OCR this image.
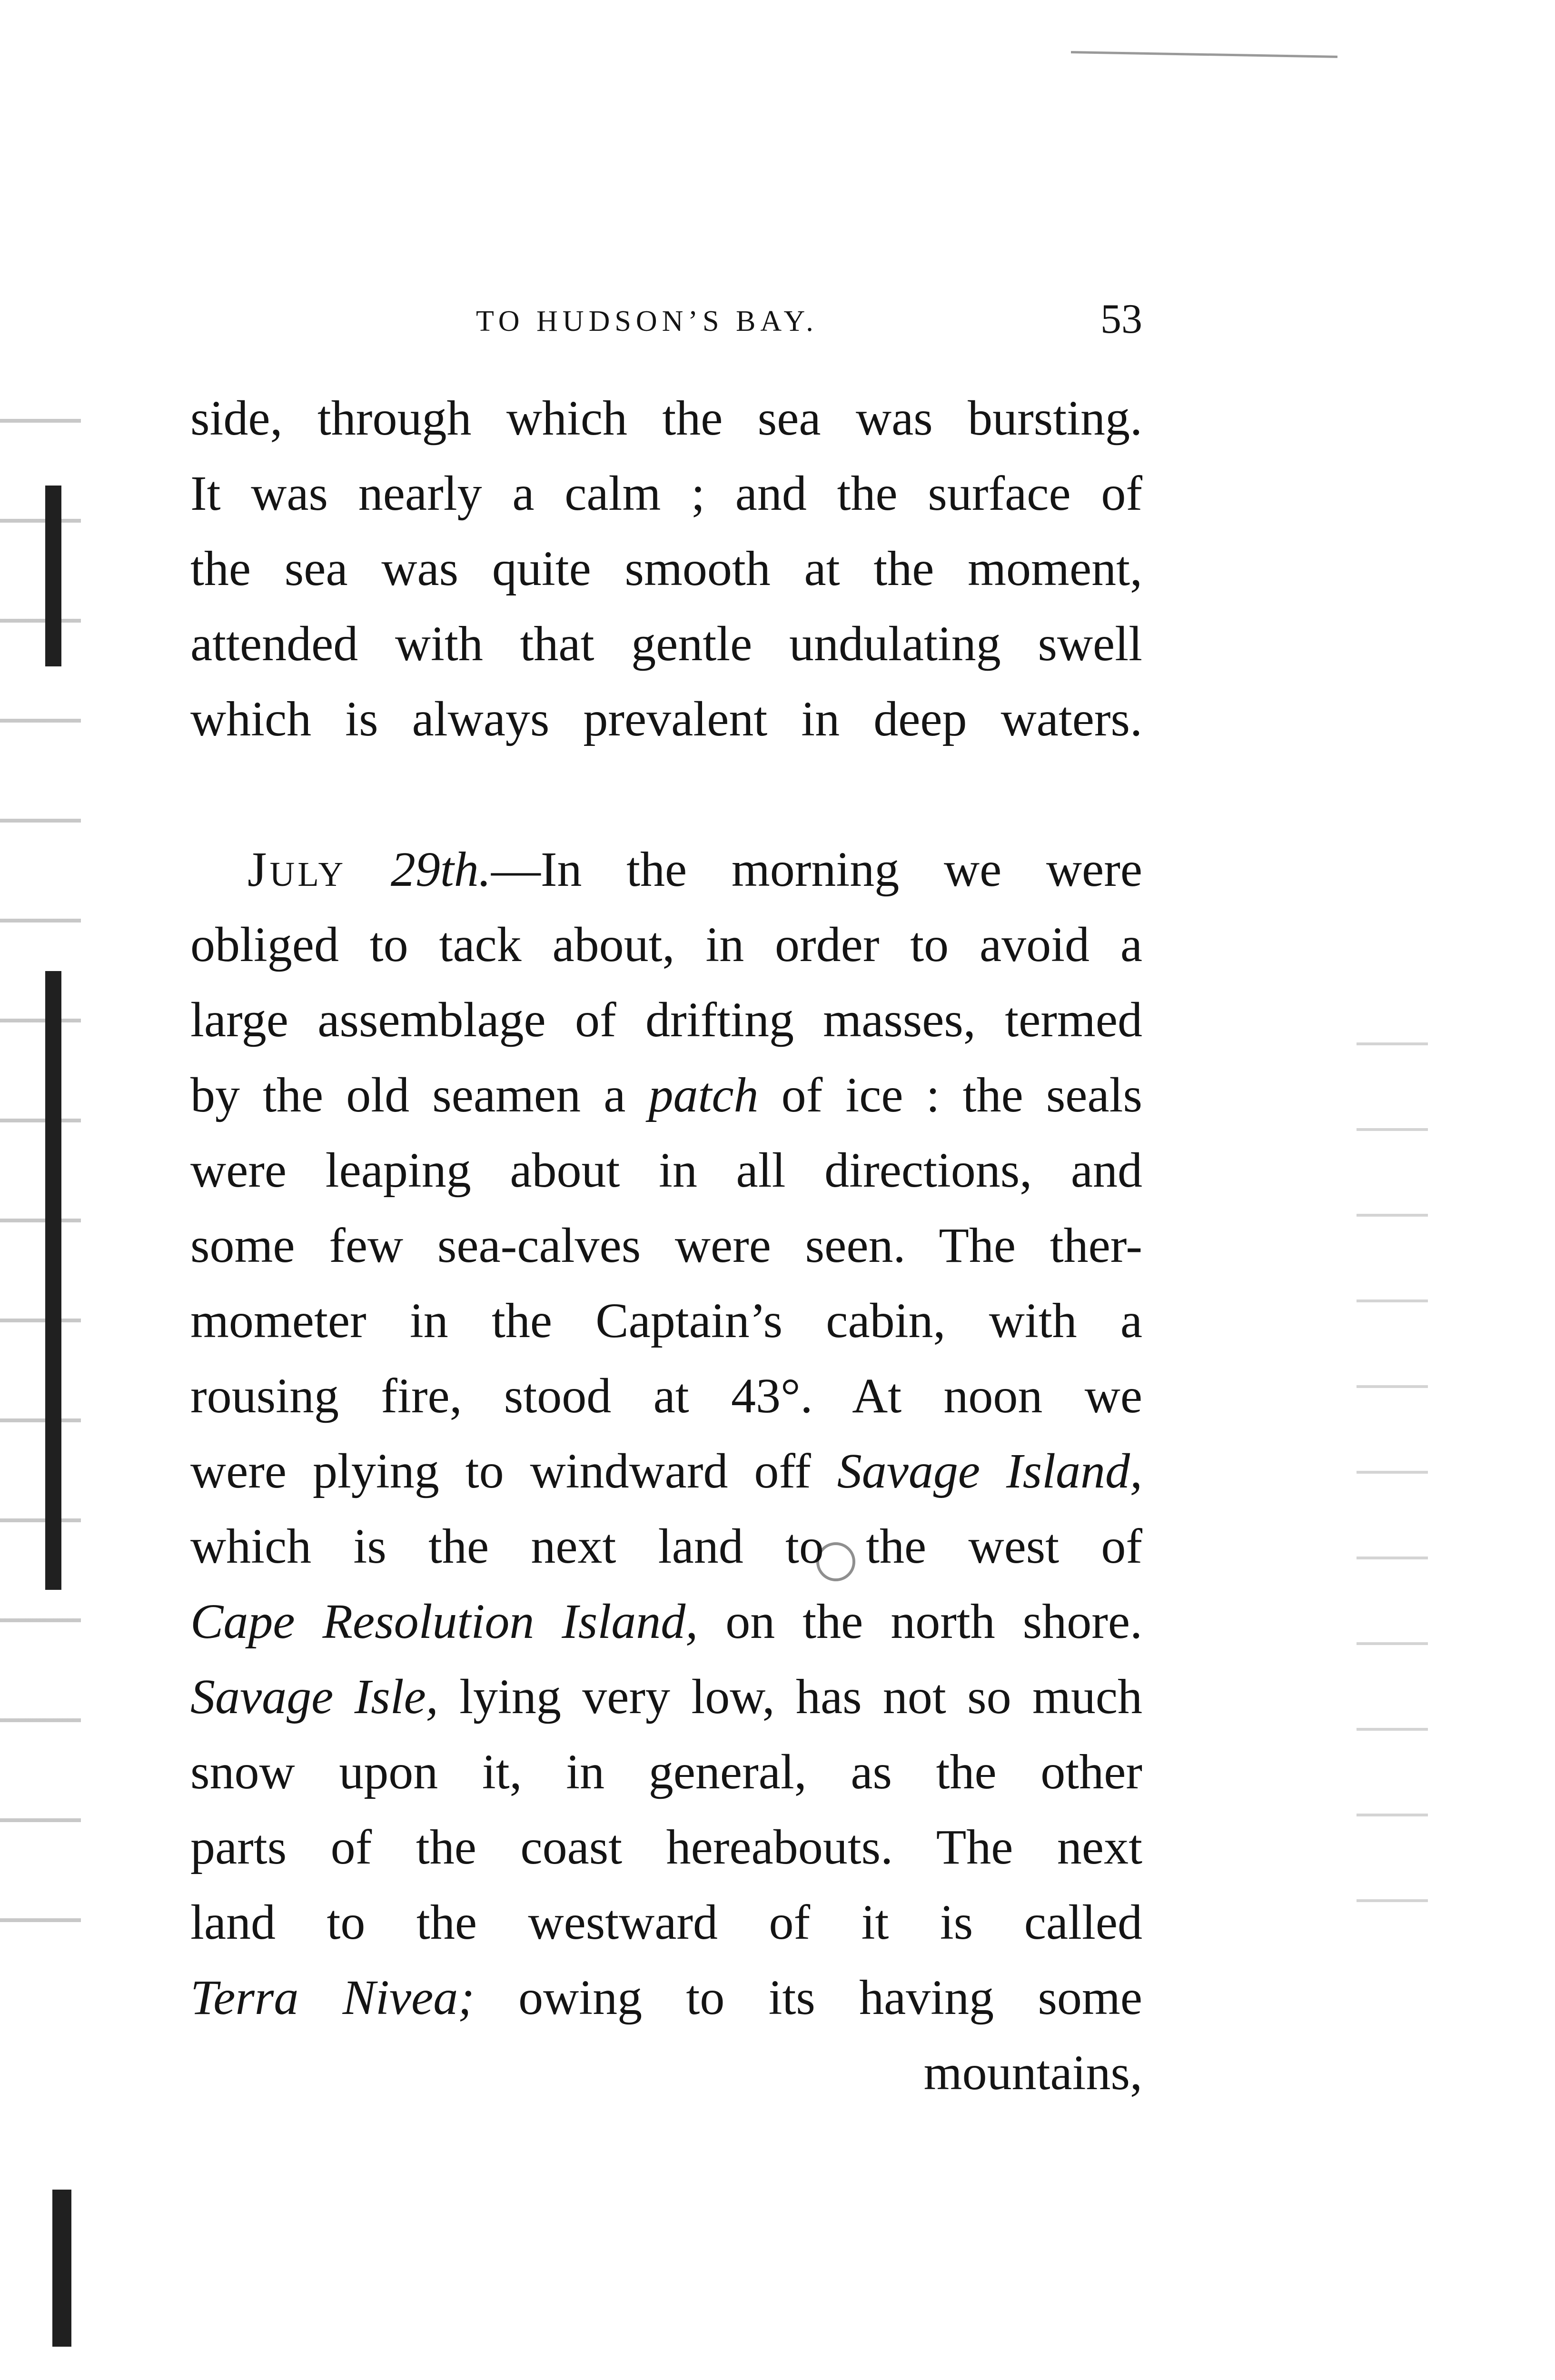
TO HUDSON’S BAY.	53
side, through which the sea was bursting.
It was nearly a calm ; and the surface of
the sea was quite smooth at the moment,
attended with that gentle undulating swell
which is always prevalent in deep waters.
July 29th.—In the morning we were
obliged to tack about, in order to avoid a
large assemblage of drifting masses, termed
by the old seamen a patch of ice : the seals
were leaping about in all directions, and
some few sea-calves were seen. The ther-
mometer in the Captain’s cabin, with a
rousing fire, stood at 43°. At noon we
were plying to windward off Savage Island,
which is the next land to the west of
Cape Resolution Island, on the north shore.
Savage Isle, lying very low, has not so much
snow upon it, in general, as the other
parts of the coast hereabouts. The next
land to the westward of it is called
Terra Nivea; owing to its having some
mountains,
